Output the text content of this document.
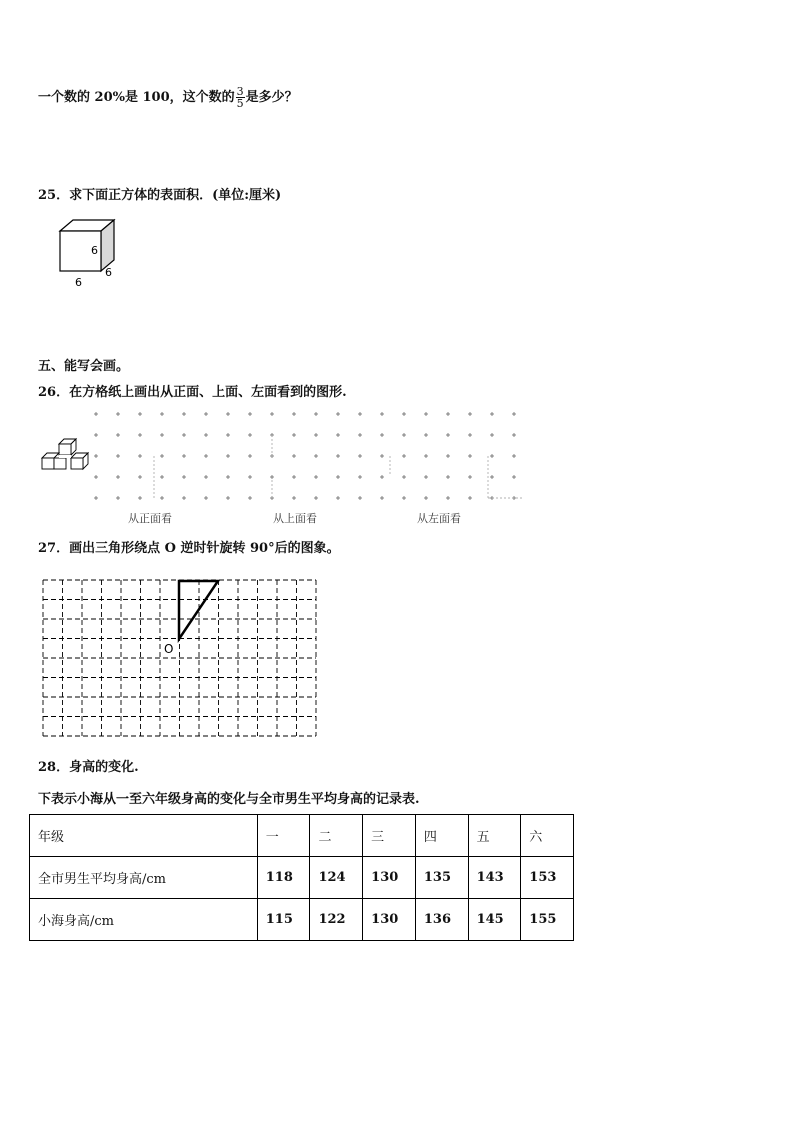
一个数的 20%是 100，这个数的 $\frac{3}{5}$ 是多少？
25．求下面正方体的表面积．(单位:厘米)
6
6
6
五、能写会画。
26．在方格纸上画出从正面、上面、左面看到的图形.
从正面看	从上面看	从左面看
27．画出三角形绕点 O 逆时针旋转 90°后的图象。
O
28．身高的变化.
下表示小海从一至六年级身高的变化与全市男生平均身高的记录表.
年级	一	二	三	四	五	六
全市男生平均身高/cm	118	124	130	135	143	153
小海身高/cm	115	122	130	136	145	155
